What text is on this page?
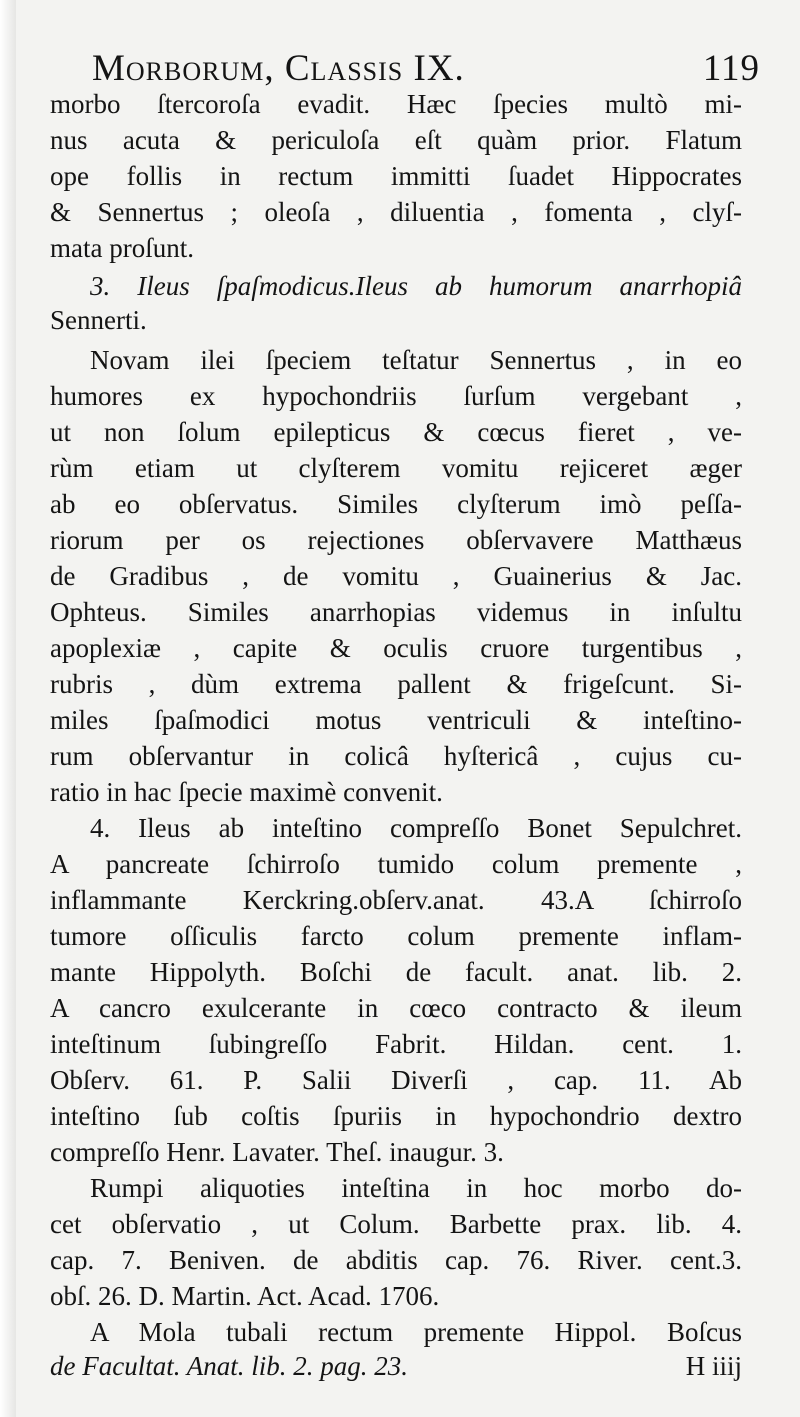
Morborum, Classis IX.	119
morbo ſtercoroſa evadit. Hæc ſpecies multò mi-
nus acuta & periculoſa eſt quàm prior. Flatum
ope follis in rectum immitti ſuadet Hippocrates
& Sennertus ; oleoſa , diluentia , fomenta , clyſ-
mata proſunt.
3. Ileus ſpaſmodicus.Ileus ab humorum anarrhopiâ
Sennerti.
Novam ilei ſpeciem teſtatur Sennertus , in eo
humores ex hypochondriis ſurſum vergebant ,
ut non ſolum epilepticus & cœcus fieret , ve-
rùm etiam ut clyſterem vomitu rejiceret æger
ab eo obſervatus. Similes clyſterum imò peſſa-
riorum per os rejectiones obſervavere Matthæus
de Gradibus , de vomitu , Guainerius & Jac.
Ophteus. Similes anarrhopias videmus in inſultu
apoplexiæ , capite & oculis cruore turgentibus ,
rubris , dùm extrema pallent & frigeſcunt. Si-
miles ſpaſmodici motus ventriculi & inteſtino-
rum obſervantur in colicâ hyſtericâ , cujus cu-
ratio in hac ſpecie maximè convenit.
4. Ileus ab inteſtino compreſſo Bonet Sepulchret.
A pancreate ſchirroſo tumido colum premente ,
inflammante Kerckring.obſerv.anat. 43.A ſchirroſo
tumore oſſiculis farcto colum premente inflam-
mante Hippolyth. Boſchi de facult. anat. lib. 2.
A cancro exulcerante in cœco contracto & ileum
inteſtinum ſubingreſſo Fabrit. Hildan. cent. 1.
Obſerv. 61. P. Salii Diverſi , cap. 11. Ab
inteſtino ſub coſtis ſpuriis in hypochondrio dextro
compreſſo Henr. Lavater. Theſ. inaugur. 3.
Rumpi aliquoties inteſtina in hoc morbo do-
cet obſervatio , ut Colum. Barbette prax. lib. 4.
cap. 7. Beniven. de abditis cap. 76. River. cent.3.
obſ. 26. D. Martin. Act. Acad. 1706.
A Mola tubali rectum premente Hippol. Boſcus
de Facultat. Anat. lib. 2. pag. 23.	H iiij
